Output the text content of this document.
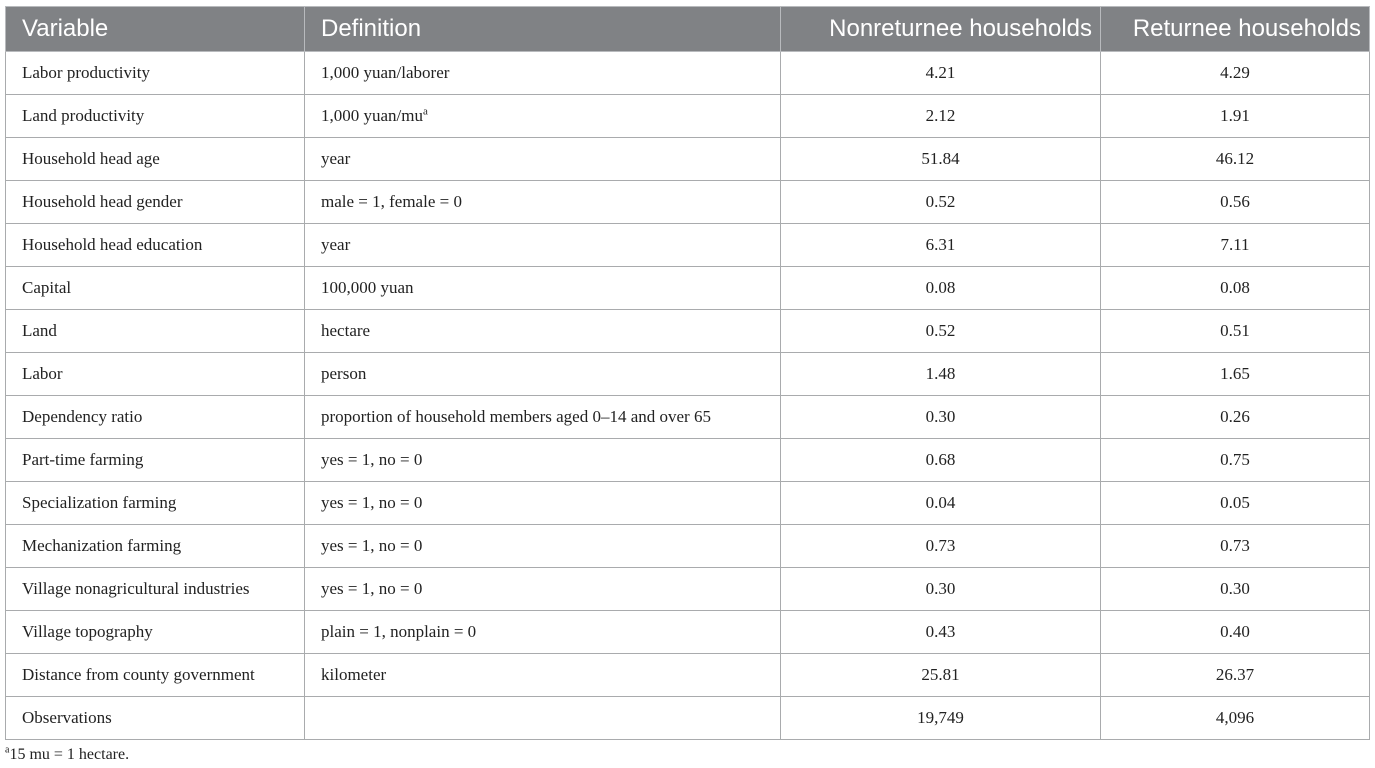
Variable	Definition	Nonreturnee households	Returnee households
Labor productivity	1,000 yuan/laborer	4.21	4.29
Land productivity	1,000 yuan/mu$^a$	2.12	1.91
Household head age	year	51.84	46.12
Household head gender	male = 1, female = 0	0.52	0.56
Household head education	year	6.31	7.11
Capital	100,000 yuan	0.08	0.08
Land	hectare	0.52	0.51
Labor	person	1.48	1.65
Dependency ratio	proportion of household members aged 0–14 and over 65	0.30	0.26
Part-time farming	yes = 1, no = 0	0.68	0.75
Specialization farming	yes = 1, no = 0	0.04	0.05
Mechanization farming	yes = 1, no = 0	0.73	0.73
Village nonagricultural industries	yes = 1, no = 0	0.30	0.30
Village topography	plain = 1, nonplain = 0	0.43	0.40
Distance from county government	kilometer	25.81	26.37
Observations		19,749	4,096
$^a$15 mu = 1 hectare.
